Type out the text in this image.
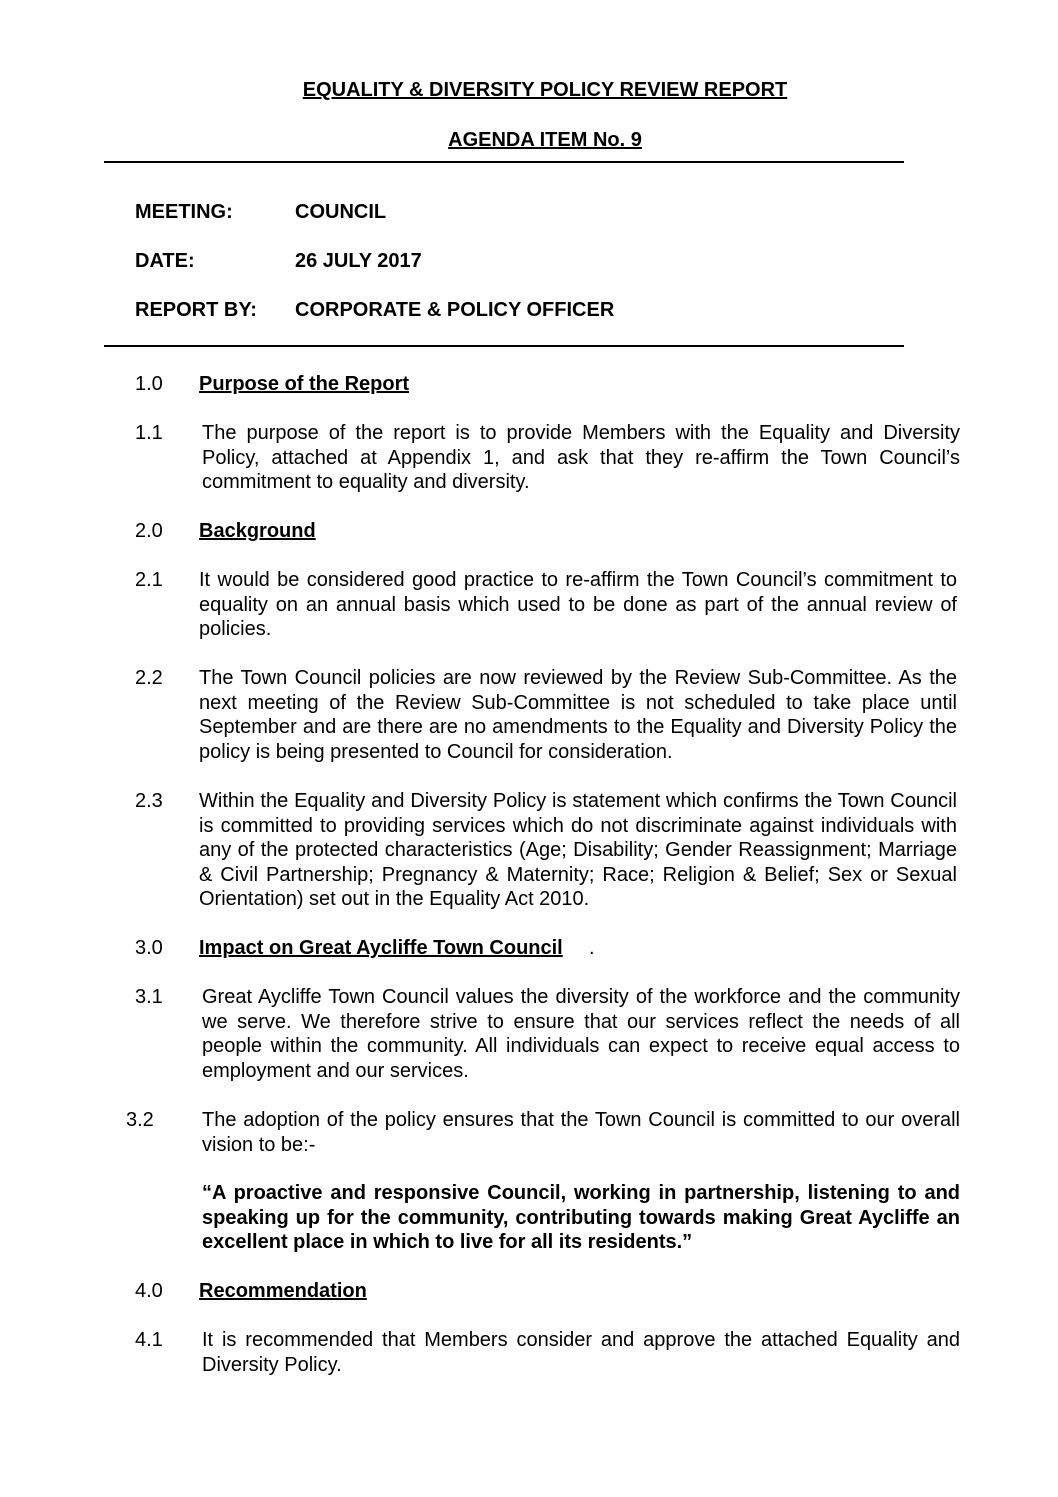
EQUALITY & DIVERSITY POLICY REVIEW REPORT
AGENDA ITEM No. 9
MEETING:	COUNCIL
DATE:	26 JULY 2017
REPORT BY: CORPORATE & POLICY OFFICER
1.0 Purpose of the Report
1.1 The purpose of the report is to provide Members with the Equality and Diversity Policy, attached at Appendix 1, and ask that they re-affirm the Town Council’s commitment to equality and diversity.
2.0 Background
2.1 It would be considered good practice to re-affirm the Town Council’s commitment to equality on an annual basis which used to be done as part of the annual review of policies.
2.2 The Town Council policies are now reviewed by the Review Sub-Committee. As the next meeting of the Review Sub-Committee is not scheduled to take place until September and are there are no amendments to the Equality and Diversity Policy the policy is being presented to Council for consideration.
2.3 Within the Equality and Diversity Policy is statement which confirms the Town Council is committed to providing services which do not discriminate against individuals with any of the protected characteristics (Age; Disability; Gender Reassignment; Marriage & Civil Partnership; Pregnancy & Maternity; Race; Religion & Belief; Sex or Sexual Orientation) set out in the Equality Act 2010.
3.0 Impact on Great Aycliffe Town Council .
3.1 Great Aycliffe Town Council values the diversity of the workforce and the community we serve. We therefore strive to ensure that our services reflect the needs of all people within the community. All individuals can expect to receive equal access to employment and our services.
3.2 The adoption of the policy ensures that the Town Council is committed to our overall vision to be:-
“A proactive and responsive Council, working in partnership, listening to and speaking up for the community, contributing towards making Great Aycliffe an excellent place in which to live for all its residents.”
4.0 Recommendation
4.1 It is recommended that Members consider and approve the attached Equality and Diversity Policy.
